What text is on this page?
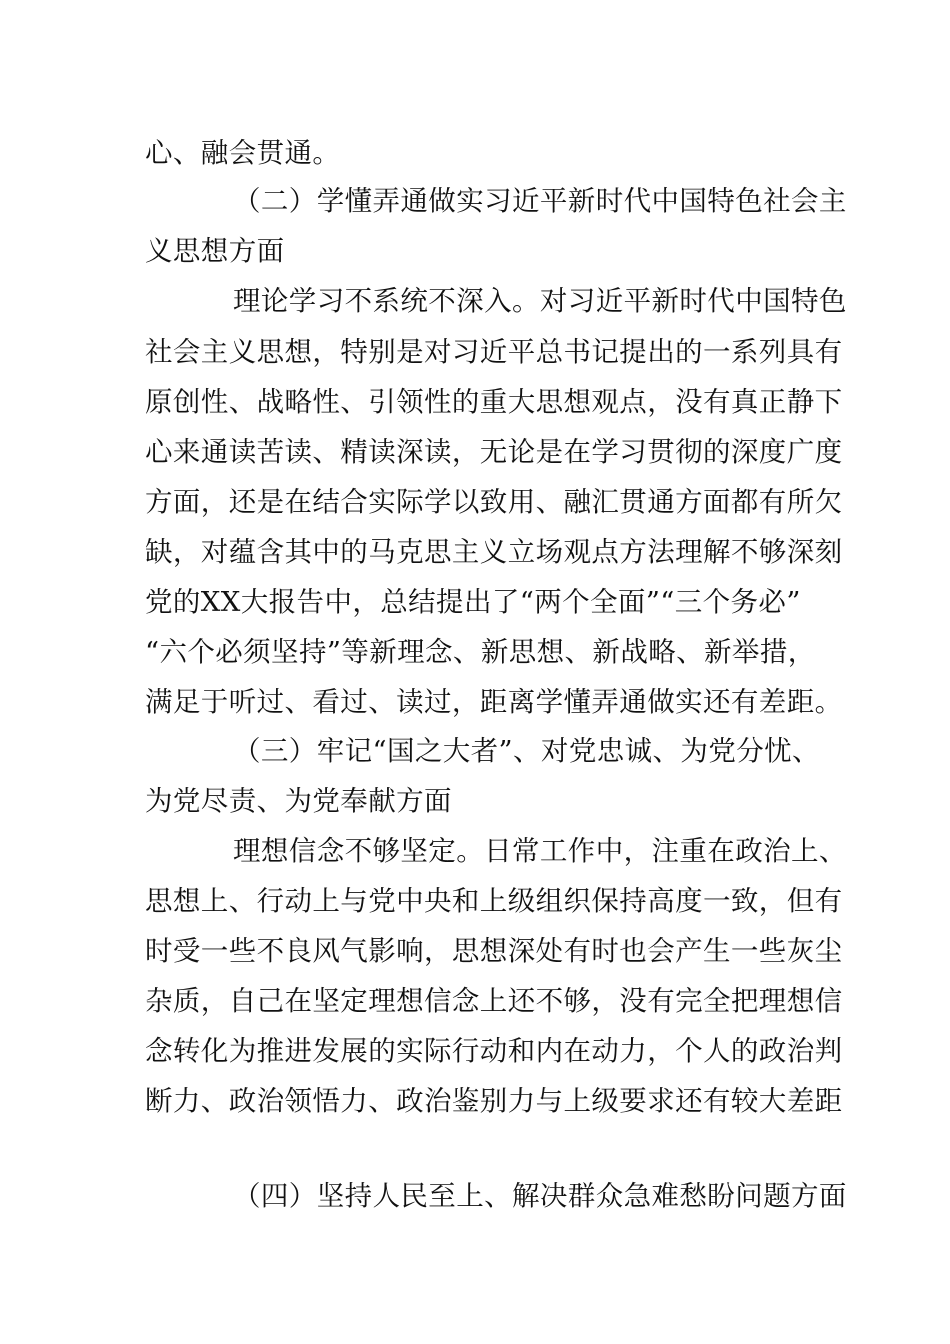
心、融会贯通。
（二）学懂弄通做实习近平新时代中国特色社会主
义思想方面
理论学习不系统不深入。对习近平新时代中国特色
社会主义思想，特别是对习近平总书记提出的一系列具有
原创性、战略性、引领性的重大思想观点，没有真正静下
心来通读苦读、精读深读，无论是在学习贯彻的深度广度
方面，还是在结合实际学以致用、融汇贯通方面都有所欠
缺，对蕴含其中的马克思主义立场观点方法理解不够深刻
党的XX大报告中，总结提出了“两个全面”“三个务必”
“六个必须坚持”等新理念、新思想、新战略、新举措，
满足于听过、看过、读过，距离学懂弄通做实还有差距。
（三）牢记“国之大者”、对党忠诚、为党分忧、
为党尽责、为党奉献方面
理想信念不够坚定。日常工作中，注重在政治上、
思想上、行动上与党中央和上级组织保持高度一致，但有
时受一些不良风气影响，思想深处有时也会产生一些灰尘
杂质，自己在坚定理想信念上还不够，没有完全把理想信
念转化为推进发展的实际行动和内在动力，个人的政治判
断力、政治领悟力、政治鉴别力与上级要求还有较大差距
（四）坚持人民至上、解决群众急难愁盼问题方面
